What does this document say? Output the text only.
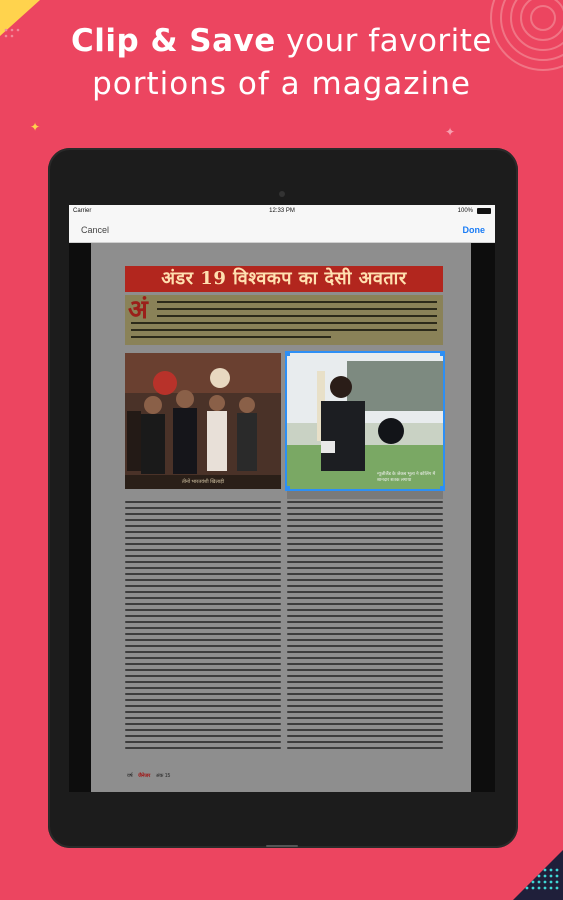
✦	✦
Clip & Save your favorite
portions of a magazine
Carrier	12:33 PM	100%
Cancel	Done
अंडर 19 विश्वकप का देसी अवतार
अं
तीनों भारतवंशी खिलाड़ी
न्यूजीलैंड के जेकब भूला ने कोलिंग में शानदार शतक लगाया
वर्ष जैनेजर अंक 15
